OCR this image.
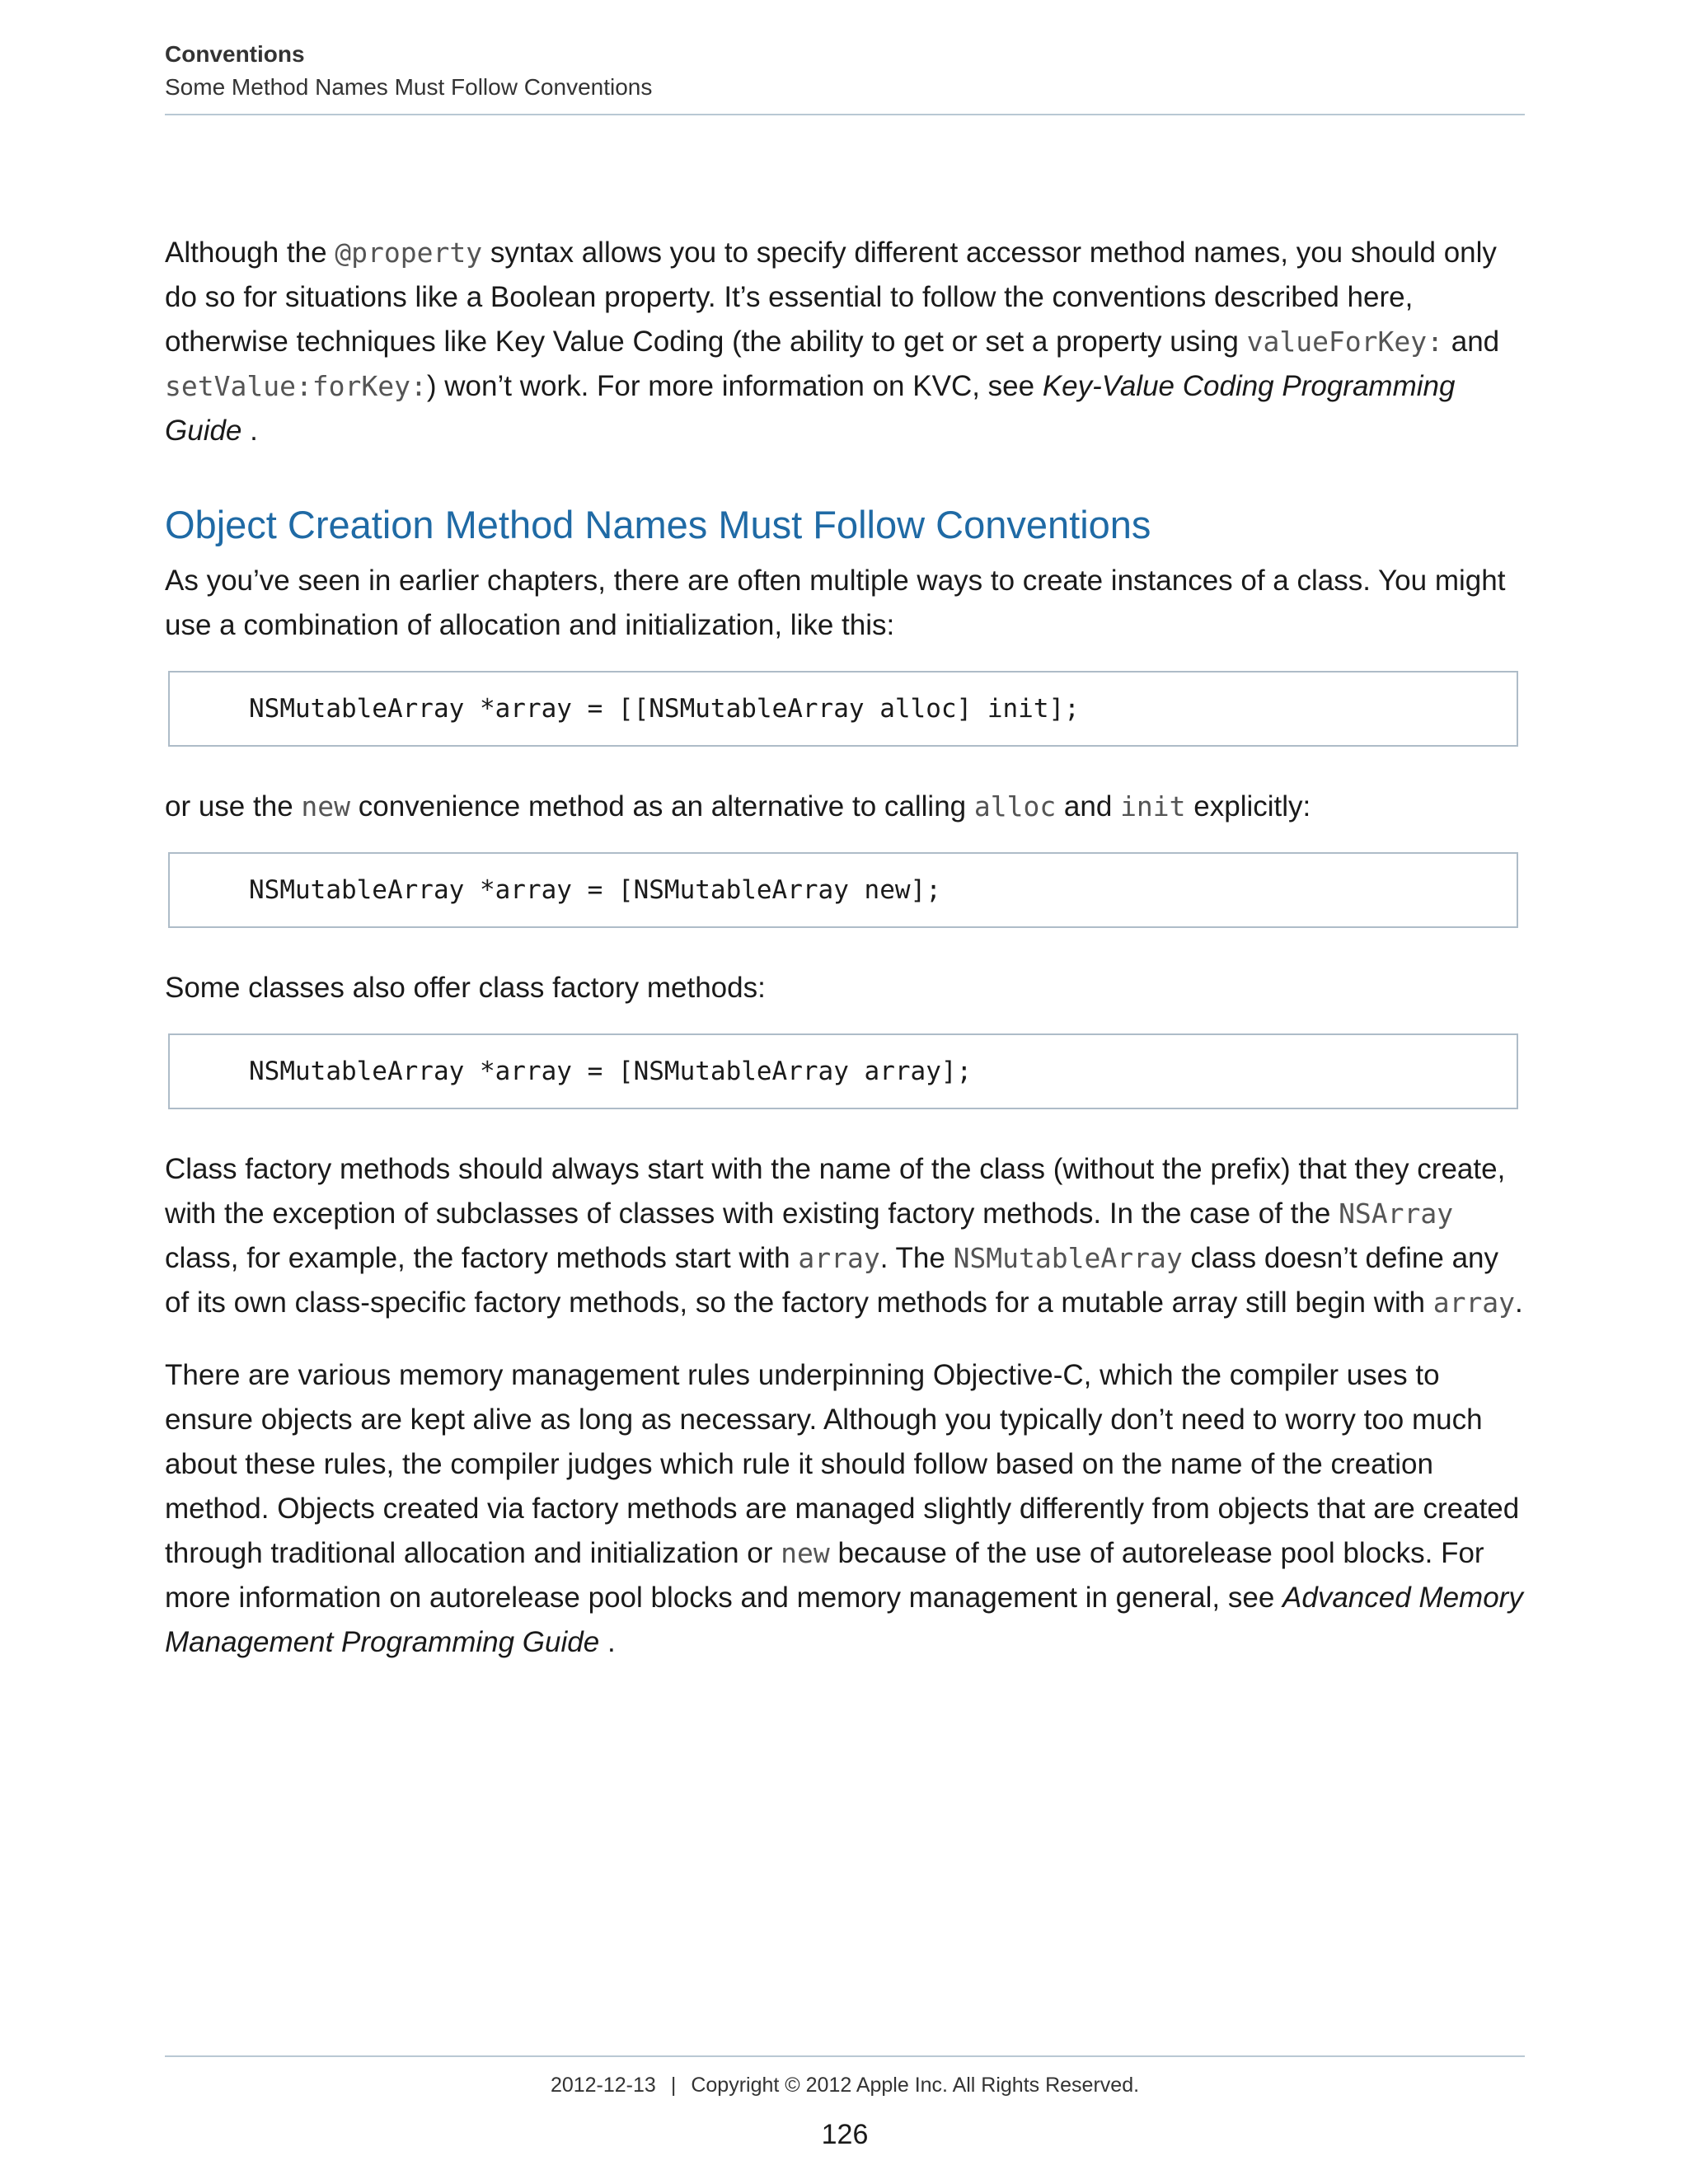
Conventions
Some Method Names Must Follow Conventions

Although the @property syntax allows you to specify different accessor method names, you should only do so for situations like a Boolean property. It’s essential to follow the conventions described here, otherwise techniques like Key Value Coding (the ability to get or set a property using valueForKey: and setValue:forKey:) won’t work. For more information on KVC, see Key-Value Coding Programming Guide .

Object Creation Method Names Must Follow Conventions

As you’ve seen in earlier chapters, there are often multiple ways to create instances of a class. You might use a combination of allocation and initialization, like this:

NSMutableArray *array = [[NSMutableArray alloc] init];

or use the new convenience method as an alternative to calling alloc and init explicitly:

NSMutableArray *array = [NSMutableArray new];

Some classes also offer class factory methods:

NSMutableArray *array = [NSMutableArray array];

Class factory methods should always start with the name of the class (without the prefix) that they create, with the exception of subclasses of classes with existing factory methods. In the case of the NSArray class, for example, the factory methods start with array. The NSMutableArray class doesn’t define any of its own class-specific factory methods, so the factory methods for a mutable array still begin with array.

There are various memory management rules underpinning Objective-C, which the compiler uses to ensure objects are kept alive as long as necessary. Although you typically don’t need to worry too much about these rules, the compiler judges which rule it should follow based on the name of the creation method. Objects created via factory methods are managed slightly differently from objects that are created through traditional allocation and initialization or new because of the use of autorelease pool blocks. For more information on autorelease pool blocks and memory management in general, see Advanced Memory Management Programming Guide .

2012-12-13 | Copyright © 2012 Apple Inc. All Rights Reserved.
126
